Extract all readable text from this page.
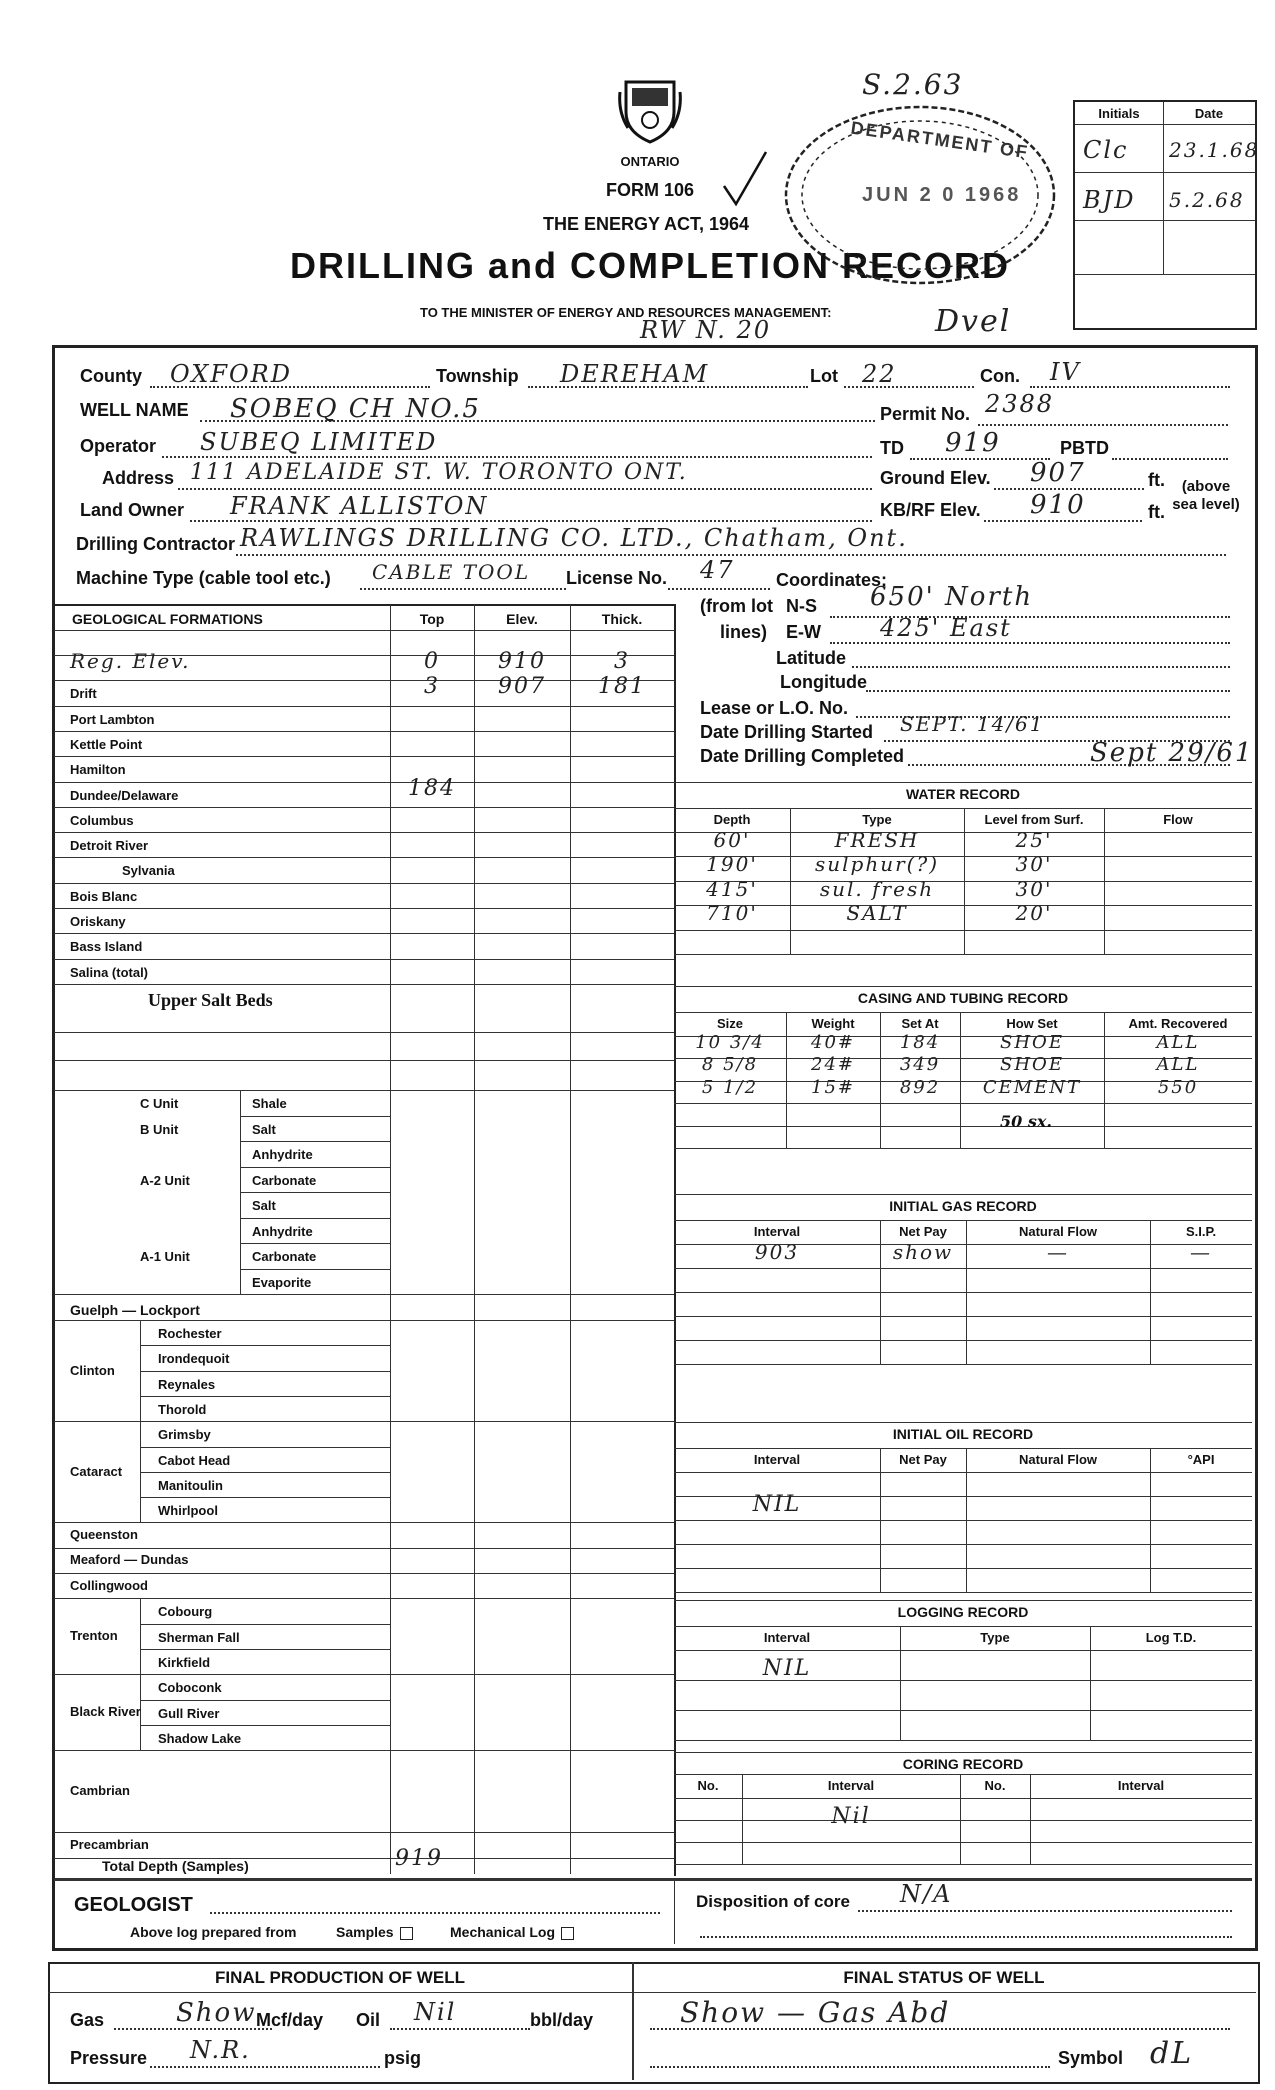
ONTARIO
FORM 106
THE ENERGY ACT, 1964
DRILLING and COMPLETION RECORD
TO THE MINISTER OF ENERGY AND RESOURCES MANAGEMENT:
S.2.63
RW N. 20	Dvel
DEPARTMENT OF
JUN 2 0 1968
Initials	Date
Clc 23.1.68
BJD 5.2.68
County OXFORD	Township DEREHAM	Lot 22	Con. IV
WELL NAME SOBEQ CH NO.5	Permit No. 2388
Operator SUBEQ LIMITED	TD 919	PBTD
Address 111 ADELAIDE ST. W. TORONTO ONT.	Ground Elev. 907	ft.	(above sea level)
Land Owner FRANK ALLISTON	KB/RF Elev. 910	ft.
Drilling Contractor RAWLINGS DRILLING CO. LTD., Chatham, Ont.
Machine Type (cable tool etc.) CABLE TOOL License No. 47 Coordinates:
GEOLOGICAL FORMATIONS	Top	Elev.	Thick.
Reg. Elev.	0	910	3
Drift	3	907	181
Port Lambton
Kettle Point
Hamilton
Dundee/Delaware	184
Columbus
Detroit River
Sylvania
Bois Blanc
Oriskany
Bass Island
Salina (total)
Upper Salt Beds
C Unit	Shale
B Unit	Salt
Anhydrite
A-2 Unit	Carbonate
Salt
Anhydrite
A-1 Unit	Carbonate
Evaporite
Guelph — Lockport
Clinton
Rochester
Irondequoit
Reynales
Thorold
Cataract
Grimsby
Cabot Head
Manitoulin
Whirlpool
Queenston
Meaford — Dundas
Collingwood
Trenton
Cobourg
Sherman Fall
Kirkfield
Black River
Coboconk
Gull River
Shadow Lake
Cambrian
Precambrian
Total Depth (Samples)	919
(from lot N-S 650' North
lines) E-W 425' East
Latitude
Longitude
Lease or L.O. No.
Date Drilling Started SEPT. 14/61
Date Drilling Completed	Sept 29/61
WATER RECORD
Depth	Type	Level from Surf.	Flow
60'	FRESH	25'
190'	sulphur(?)	30'
415'	sul. fresh	30'
710'	SALT	20'
CASING AND TUBING RECORD
Size	Weight	Set At	How Set	Amt. Recovered
10 3/4	40#	184	SHOE	ALL
8 5/8	24#	349	SHOE	ALL
5 1/2	15#	892	CEMENT	550
INITIAL GAS RECORD
Interval	Net Pay	Natural Flow	S.I.P.
903	show	—	—
INITIAL OIL RECORD
Interval	Net Pay	Natural Flow	°API
NIL
LOGGING RECORD
Interval	Type	Log T.D.
NIL
CORING RECORD
No.	Interval	No.	Interval
Nil
50 sx.
GEOLOGIST
Above log prepared from	Samples	Mechanical Log
Disposition of core N/A
FINAL PRODUCTION OF WELL	FINAL STATUS OF WELL
Gas	Show Mcf/day Oil Nil	bbl/day
Pressure N.R.	psig
Show — Gas Abd
Symbol dL
